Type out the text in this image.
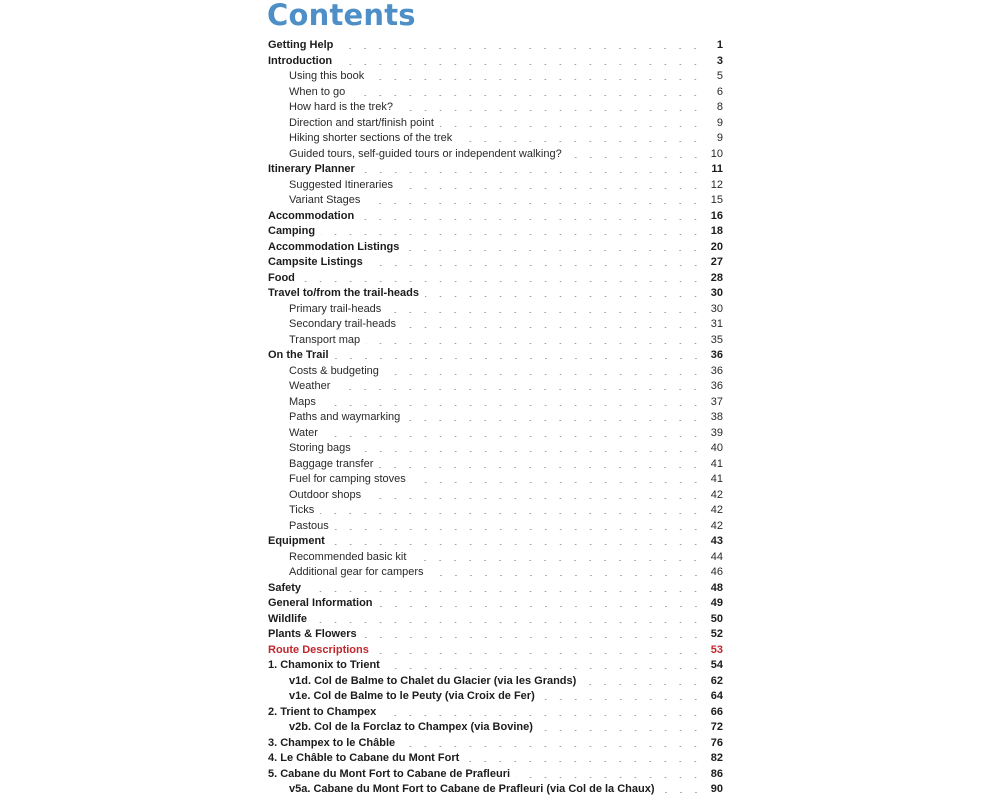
Contents
Getting Help	1
Introduction	3
Using this book	5
When to go	6
How hard is the trek?	8
Direction and start/finish point	9
Hiking shorter sections of the trek	9
Guided tours, self-guided tours or independent walking?	10
Itinerary Planner	11
Suggested Itineraries	12
Variant Stages	15
Accommodation	16
Camping	18
Accommodation Listings	20
Campsite Listings	27
Food	28
Travel to/from the trail-heads	30
Primary trail-heads	30
Secondary trail-heads	31
Transport map	35
On the Trail	36
Costs & budgeting	36
Weather	36
Maps	37
Paths and waymarking	38
Water	39
Storing bags	40
Baggage transfer	41
Fuel for camping stoves	41
Outdoor shops	42
Ticks	42
Pastous	42
Equipment	43
Recommended basic kit	44
Additional gear for campers	46
Safety	48
General Information	49
Wildlife	50
Plants & Flowers	52
Route Descriptions	53
1. Chamonix to Trient	54
v1d. Col de Balme to Chalet du Glacier (via les Grands)	62
v1e. Col de Balme to le Peuty (via Croix de Fer)	64
2. Trient to Champex	66
v2b. Col de la Forclaz to Champex (via Bovine)	72
3. Champex to le Châble	76
4. Le Châble to Cabane du Mont Fort	82
5. Cabane du Mont Fort to Cabane de Prafleuri	86
v5a. Cabane du Mont Fort to Cabane de Prafleuri (via Col de la Chaux)	90
